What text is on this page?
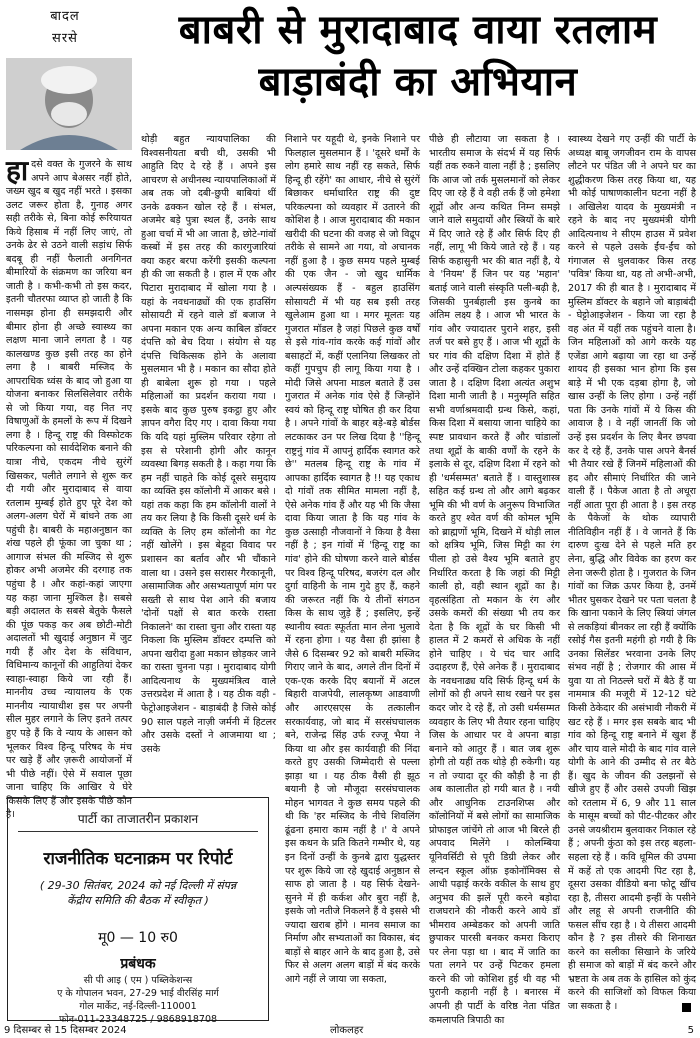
बादल
सरसे	बाबरी से मुरादाबाद वाया रतलाम
बाड़ाबंदी का अभियान
हा दसे वक्त के गुजरने के साथ अपने आप बेअसर नहीं होते, जख्म खुद ब खुद नहीं भरते । इसका उलट जरूर होता है, गुनाह अगर सही तरीके से, बिना कोई रूरियायत किये हिसाब में नहीं लिए जाएं, तो उनके ढेर से उठने वाली सड़ांध सिर्फ बदबू ही नहीं फैलाती अनगिनत बीमारियों के संक्रमण का जरिया बन जाती है । कभी-कभी तो इस कदर, इतनी चौतरफा व्याप्त हो जाती है कि नासमझ होना ही समझदारी और बीमार होना ही अच्छे स्वास्थ्य का लक्षण माना जाने लगता है । यह कालखण्ड कुछ इसी तरह का होने लगा है । बाबरी मस्जिद के आपराधिक ध्वंस के बाद जो हुआ या योजना बनाकर सिलसिलेवार तरीके से जो किया गया, वह नित नए विषाणुओं के हमलों के रूप में दिखने लगा है । हिन्दू राष्ट्र की विस्फोटक परिकल्पना को सार्वदेशिक बनाने की यात्रा नीचे, एकदम नीचे सुरंगें खिसकर, पलीते लगाने से शुरू कर दी गयी और मुरादाबाद से वाया रतलाम मुम्बई होते हुए पूरे देश को अलग-अलग घेरों में बांधने तक आ पहुंची है। बाबरी के महाअनुष्ठान का शंख पहले ही फूंका जा चुका था ; आगाज संभल की मस्जिद से शुरू होकर अभी अजमेर की दरगाह तक पहुंचा है । और कहां-कहां जाएगा यह कहा जाना मुश्किल है। सबसे बड़ी अदालत के सबसे बेतुके फैसले की पूंछ पकड़ कर अब छोटी-मोटी अदालतों भी खुदाई अनुष्ठान में जुट गयी हैं और देश के संविधान, विधिमान्य कानूनों की आहुतियां देकर स्वाहा-स्वाहा किये जा रही हैं। माननीय उच्च न्यायालय के एक माननीय न्यायाधीश इस पर अपनी सील मुहर लगाने के लिए इतने तत्पर हुए पड़े हैं कि वे न्याय के आसन को भूलकर विश्व हिन्दू परिषद के मंच पर खड़े हैं और ज़रूरी आयोजनों में भी पीछे नहीं। ऐसे में सवाल पूछा जाना चाहिए कि आखिर ये घेरे किसके लिए हैं और इसके पीछे कौन है।
थोड़ी बहुत न्यायपालिका की विश्वसनीयता बची थी, उसकी भी आहुति दिए दे रहे हैं । अपने इस आचरण से अधीनस्थ न्यायपालिकाओं में अब तक जो दबी-छुपी बाबियां थीं उनके ढक्कन खोल रहे हैं । संभल, अजमेर बड़े पुत्रा स्थल हैं, उनके साथ हुआ चर्चा में भी आ जाता है, छोटे-गांवों कस्बों में इस तरह की कारगुजारियां क्या कहर बरपा करेंगी इसकी कल्पना ही की जा सकती है । हाल में एक और पिटारा मुरादाबाद में खोला गया है । यहां के नवधनाढ्यों की एक हाउसिंग सोसायटी में रहने वाले डॉ बजाज ने अपना मकान एक अन्य काबिल डॉक्टर दंपत्ति को बेच दिया । संयोग से यह दंपत्ति चिकित्सक होने के अलावा मुसलमान भी है । मकान का सौदा होते ही बाबेला शुरू हो गया । पहले महिलाओं का प्रदर्शन कराया गया । इसके बाद कुछ पुरुष इकट्ठा हुए और ज्ञापन वगैरा दिए गए । दावा किया गया कि यदि यहां मुस्लिम परिवार रहेगा तो इस से परेशानी होगी और कानून व्यवस्था बिगड़ सकती है । कहा गया कि हम नहीं चाहते कि कोई दूसरे समुदाय का व्यक्ति इस कॉलोनी में आकर बसे । यहां तक कहा कि हम कॉलोनी वालों ने तय कर लिया है कि किसी दूसरे धर्म के व्यक्ति के लिए हम कॉलोनी का गेट नहीं खोलेंगे । इस बेहूदा विवाद पर प्रशासन का बर्ताव और भी चौंकाने वाला था । उसने इस सरासर गैरकानूनी, असामाजिक और असभ्यतापूर्ण मांग पर सख्ती से साथ पेश आने की बजाय 'दोनों पक्षों से बात करके रास्ता निकालने' का रास्ता चुना और रास्ता यह निकला कि मुस्लिम डॉक्टर दम्पत्ति को अपना खरीदा हुआ मकान छोड़कर जाने का रास्ता चुनना पड़ा । मुरादाबाद योगी आदित्यनाथ के मुख्यमंत्रित्व वाले उत्तरप्रदेश में आता है । यह ठीक वही - फेट्रोआइजेशन - बाड़ाबंदी है जिसे कोई 90 साल पहले नाज़ी जर्मनी में हिटलर और उसके दस्तों ने आजमाया था ; उसके
निशाने पर यहूदी थे, इनके निशाने पर फिलहाल मुसलमान हैं । 'दूसरे धर्मों के लोग हमारे साथ नहीं रह सकते, सिर्फ हिन्दू ही रहेंगे' का आधार, नीचे से सुरंगें बिछाकर धर्माधारित राष्ट्र की दुष्ट परिकल्पना को व्यवहार में उतारने की कोशिश है । आज मुरादाबाद की मकान खरीदी की घटना की वजह से जो विद्रूप तरीके से सामने आ गया, वो अचानक नहीं हुआ है । कुछ समय पहले मुम्बई की एक जैन - जो खुद धार्मिक अल्पसंख्यक हैं - बहुल हाउसिंग सोसायटी में भी यह सब इसी तरह खुलेआम हुआ था । मगर मूलतः यह गुजरात मॉडल है जहां पिछले कुछ वर्षों से इसे गांव-गांव करके कई गांवों और बसाहटों में, कहीं एलानिया लिखकर तो कहीं गुपचुप ही लागू किया गया है । मोदी जिसे अपना माडल बताते हैं उस गुजरात में अनेक गांव ऐसे हैं जिन्होंने स्वयं को हिन्दू राष्ट्र घोषित ही कर दिया है । अपने गांवों के बाहर बड़े-बड़े बोर्डस लटकाकर उन पर लिख दिया है ''हिन्दू राष्ट्रनुं गांव में आपनुं हार्दिक स्वागत करे छे'' मतलब हिन्दू राष्ट्र के गांव में आपका हार्दिक स्वागत है !! यह एकाध दो गांवों तक सीमित मामला नहीं है, ऐसे अनेक गांव हैं और यह भी कि जैसा दावा किया जाता है कि यह गांव के कुछ उत्साही नौजवानों ने किया है वैसा नहीं है ; इन गांवों में 'हिन्दू राष्ट्र का गांव' होने की घोषणा करने वाले बोर्डस पर विश्व हिन्दू परिषद, बजरंग दल और दुर्गा वाहिनी के नाम गुदे हुए हैं, कहने की जरूरत नहीं कि ये तीनों संगठन किस के साथ जुड़े हैं ; इसलिए, इन्हें स्थानीय स्वतः स्फूर्तता मान लेना भुलावे में रहना होगा । यह वैसा ही झांसा है जैसे 6 दिसम्बर 92 को बाबरी मस्जिद गिराए जाने के बाद, अगले तीन दिनों में एक-एक करके दिए बयानों में अटल बिहारी वाजपेयी, लालकृष्ण आडवाणी और आरएसएस के तत्कालीन सरकार्यवाह, जो बाद में सरसंघचालक बने, राजेन्द्र सिंह उर्फ रज्जू भैया ने किया था और इस कार्यवाही की निंदा करते हुए उसकी जिम्मेदारी से पल्ला झाड़ा था । यह ठीक वैसी ही झूठ बयानी है जो मौजूदा सरसंघचालक मोहन भागवत ने कुछ समय पहले की थी कि 'हर मस्जिद के नीचे शिवलिंग ढूंढना हमारा काम नहीं है ।' वे अपने इस कथन के प्रति कितने गम्भीर थे, यह इन दिनों उन्हीं के कुनबे द्वारा युद्धस्तर पर शुरू किये जा रहे खुदाई अनुष्ठान से साफ हो जाता है । यह सिर्फ देखने-सुनने में ही कर्कश और बुरा नहीं है, इसके जो नतीजे निकलने हैं वे इससे भी ज्यादा खराब होंगे । मानव समाज का निर्माण और सभ्यताओं का विकास, बंद बाड़ों से बाहर आने के बाद हुआ है, उसे फिर से अलग अलग बाड़ों में बंद करके आगे नहीं ले जाया जा सकता,
पीछे ही लौटाया जा सकता है । भारतीय समाज के संदर्भ में यह सिर्फ यहीं तक रुकने वाला नहीं है ; इसलिए कि आज जो तर्क मुसलमानों को लेकर दिए जा रहे हैं वे वही तर्क हैं जो हमेशा शूद्रों और अन्य कथित निम्न समझे जाने वाले समुदायों और स्त्रियों के बारे में दिए जाते रहे हैं और सिर्फ दिए ही नहीं, लागू भी किये जाते रहे हैं । यह सिर्फ कहासुनी भर की बात नहीं है, ये वे 'नियम' हैं जिन पर यह 'महान' बताई जाने वाली संस्कृति पली-बढ़ी है, जिसकी पुनर्बहाली इस कुनबे का अंतिम लक्ष्य है । आज भी भारत के गांव और ज्यादातर पुराने शहर, इसी तर्ज पर बसे हुए हैं । आज भी शूद्रों के घर गांव की दक्षिण दिशा में होते हैं और उन्हें दक्खिन टोला कहकर पुकारा जाता है । दक्षिण दिशा अत्यंत अशुभ दिशा मानी जाती है । मनुस्मृति सहित सभी वर्णाश्रमवादी ग्रन्थ किसे, कहां, किस दिशा में बसाया जाना चाहिये का स्पष्ट प्रावधान करते हैं और चांडालों तथा शूद्रों के बाकी वर्णों के रहने के इलाके से दूर, दक्षिण दिशा में रहने को ही 'धर्मसम्मत' बताते हैं । वास्तुशास्त्र सहित कई ग्रन्थ तो और आगे बढ़कर भूमि की भी वर्ण के अनुरूप विभाजित करते हुए श्वेत वर्ण की कोमल भूमि को ब्राह्मणों भूमि, दिखने में थोड़ी लाल को क्षत्रिय भूमि, जिस मिट्टी का रंग पीला हो उसे वैश्य भूमि बताते हुए निर्धारित करता है कि जहां की मिट्टी काली हो, वही स्थान शूद्रों का है। वृहत्संहिता तो मकान के रंग और उसके कमरों की संख्या भी तय कर देता है कि शूद्रों के घर किसी भी हालत में 2 कमरों से अधिक के नहीं होने चाहिए । ये चंद चार आदि उदाहरण हैं, ऐसे अनेक हैं । मुरादाबाद के नवधनाढ्य यदि सिर्फ हिन्दू धर्म के लोगों को ही अपने साथ रखने पर इस कदर जोर दे रहे हैं, तो उसी धर्मसम्मत व्यवहार के लिए भी तैयार रहना चाहिए जिस के आधार पर वे अपना बाड़ा बनाने को आतुर हैं । बात जब शुरू होगी तो यहीं तक थोड़े ही रुकेगी। यह न तो ज्यादा दूर की कौड़ी है ना ही अब कालातीत हो गयी बात है । नयी और आधुनिक टाउनशिप्स और कॉलोनियों में बसे लोगों का सामाजिक प्रोफाइल जांचेंगे तो आज भी बिरले ही अपवाद मिलेंगे । कोलम्बिया यूनिवर्सिटी से पूरी डिग्री लेकर और लन्दन स्कूल ऑफ़ इकोनॉमिक्स से आधी पढ़ाई करके वकील के साथ हुए अनुभव की झलें पूरी करने बड़ोदा राजघराने की नौकरी करने आये डॉ भीमराव अम्बेडकर को अपनी जाति छुपाकर पारसी बनकर कमरा किराए पर लेना पड़ा था । बाद में जाति का पता लगने पर उन्हें पिटकर हमला करने की जो कोशिश हुई थी वह भी पुरानी कहानी नहीं है । बनारस में अपनी ही पार्टी के वरिष्ठ नेता पंडित कमलापति त्रिपाठी का
स्वास्थ्य देखने गए उन्हीं की पार्टी के अध्यक्ष बाबू जगजीवन राम के वापस लौटने पर पंडित जी ने अपने घर का शुद्धीकरण किस तरह किया था, यह भी कोई पाषाणकालीन घटना नहीं है । अखिलेश यादव के मुख्यमंत्री न रहने के बाद नए मुख्यमंत्री योगी आदित्यनाथ ने सीएम हाउस में प्रवेश करने से पहले उसके ईंच-ईंच को गंगाजल से धुलवाकर किस तरह 'पवित्र' किया था, यह तो अभी-अभी, 2017 की ही बात है । मुरादाबाद में मुस्लिम डॉक्टर के बहाने जो बाड़ाबंदी - घेट्टोआइजेशन - किया जा रहा है वह अंत में यहीं तक पहुंचने वाला है। जिन महिलाओं को आगे करके यह एजेंडा आगे बढ़ाया जा रहा था उन्हें शायद ही इसका भान होगा कि इस बाड़े में भी एक दड़बा होगा है, जो खास उन्हीं के लिए होगा । उन्हें नहीं पता कि उनके गांवों में ये किस की आवाज है । वे नहीं जानतीं कि जो उन्हें इस प्रदर्शन के लिए बैनर छपवा कर दे रहे हैं, उनके पास अपने बैनर्स भी तैयार रखे हैं जिनमें महिलाओं की हद और सीमाएं निर्धारित की जाने वाली हैं । पैकेज आता है तो अधूरा नहीं आता पूरा ही आता है । इस तरह के पैकेजों के थोक व्यापारी नीतिविहीन नहीं हैं । वे जानते हैं कि दारुण दुःख देने से पहले मति हर लेना, बुद्धि और विवेक का हरण कर लेना जरूरी होता है । गुजरात के जिन गांवों का जिक्र ऊपर किया है, उनमें भीतर घुसकर देखने पर पता चलता है कि खाना पकाने के लिए स्त्रियां जंगल से लकड़ियां बीनकर ला रही हैं क्योंकि रसोई गैस इतनी महंगी हो गयी है कि उनका सिलेंडर भरवाना उनके लिए संभव नहीं है ; रोजगार की आस में युवा या तो निठल्ले घरों में बैठे हैं या नाममात्र की मजूरी में 12-12 घंटे किसी ठेकेदार की असंभावी नौकरी में खट रहे हैं । मगर इस सबके बाद भी गांव को हिन्दू राष्ट्र बनाने में खुश हैं और चाय वाले मोदी के बाद गांव वाले योगी के आने की उम्मीद से तर बैठे हैं। खुद के जीवन की उलझनों से खीजे हुए हैं और उससे उपजी खिझ को रतलाम में 6, 9 और 11 साल के मासूम बच्चों को पीट-पीटकर और उनसे जयश्रीराम बुलवाकर निकाल रहे हैं ; अपनी कुंठा को इस तरह बहला-सहला रहे हैं । कवि धूमिल की उपमा में कहें तो एक आदमी पिट रहा है, दूसरा उसका वीडियो बना फोटू खींच रहा है, तीसरा आदमी इन्हीं के पसीने और लहू से अपनी राजनीति की फसल सींच रहा है । ये तीसरा आदमी कौन है ? इस तीसरे की शिनाख्त करने का सलीका सिखाने के जरिये ही समाज को बाड़ों में बंद करने और भ्रष्टता के अब तक के हासिल को कुंद करने की साजिशों को विफल किया जा सकता है ।
पार्टी का ताजातरीन प्रकाशन
राजनीतिक घटनाक्रम पर रिपोर्ट
( 29-30 सितंबर, 2024 को नई दिल्ली में संपन्न
केंद्रीय समिति की बैठक में स्वीकृत )
मू0 — 10 रु0
प्रबंधक
सी पी आइ ( एम ) पब्लिकेशन्स
ए के गोपालन भवन, 27-29 भाई वीरसिंह मार्ग
गोल मार्केट, नई-दिल्ली-110001
फोन-011-23348725 / 9868918708
9 दिसम्बर से 15 दिसम्बर 2024	लोकलहर	5
